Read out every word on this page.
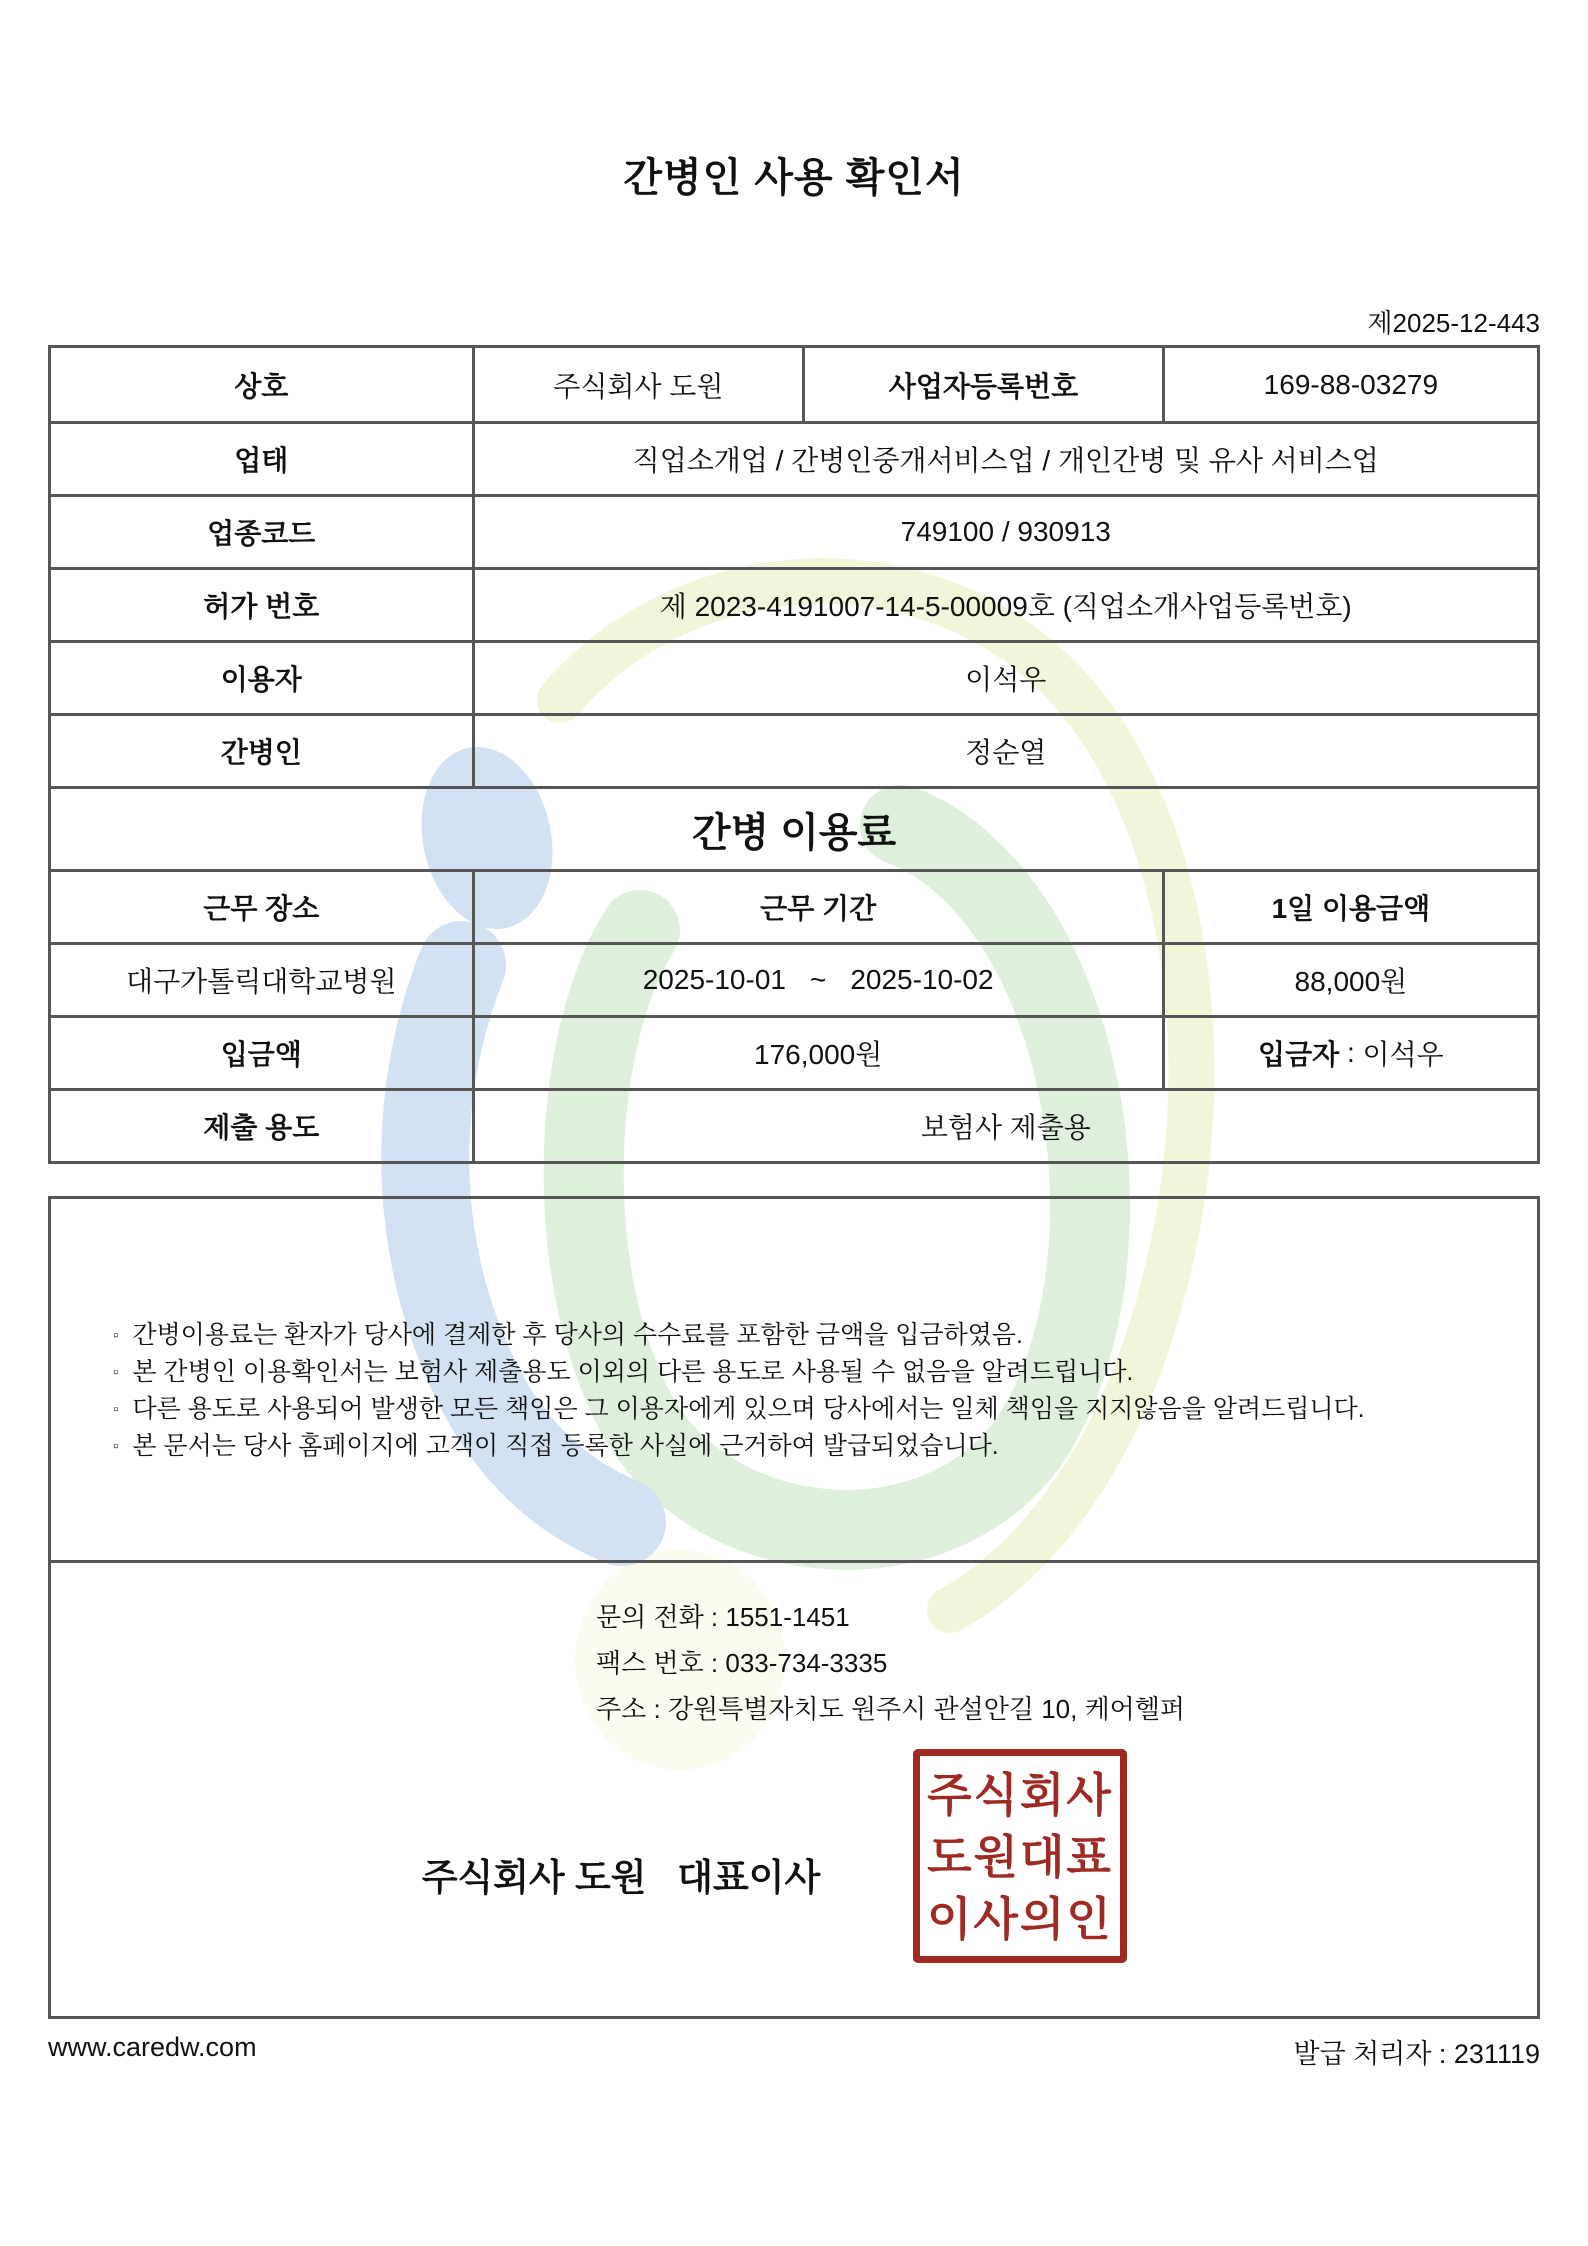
간병인 사용 확인서
제2025-12-443
상호	주식회사 도원	사업자등록번호	169-88-03279
업태	직업소개업 / 간병인중개서비스업 / 개인간병 및 유사 서비스업
업종코드	749100 / 930913
허가 번호	제 2023-4191007-14-5-00009호 (직업소개사업등록번호)
이용자	이석우
간병인	정순열
간병 이용료
근무 장소	근무 기간	1일 이용금액
대구가톨릭대학교병원	2025-10-01 ~ 2025-10-02	88,000원
입금액	176,000원	입금자 : 이석우
제출 용도	보험사 제출용
▫ 간병이용료는 환자가 당사에 결제한 후 당사의 수수료를 포함한 금액을 입금하였음.
▫ 본 간병인 이용확인서는 보험사 제출용도 이외의 다른 용도로 사용될 수 없음을 알려드립니다.
▫ 다른 용도로 사용되어 발생한 모든 책임은 그 이용자에게 있으며 당사에서는 일체 책임을 지지않음을 알려드립니다.
▫ 본 문서는 당사 홈페이지에 고객이 직접 등록한 사실에 근거하여 발급되었습니다.
문의 전화 : 1551-1451
팩스 번호 : 033-734-3335
주소 : 강원특별자치도 원주시 관설안길 10, 케어헬퍼
주식회사 도원   대표이사
주식회사
도원대표
이사의인
www.caredw.com	발급 처리자 : 231119
